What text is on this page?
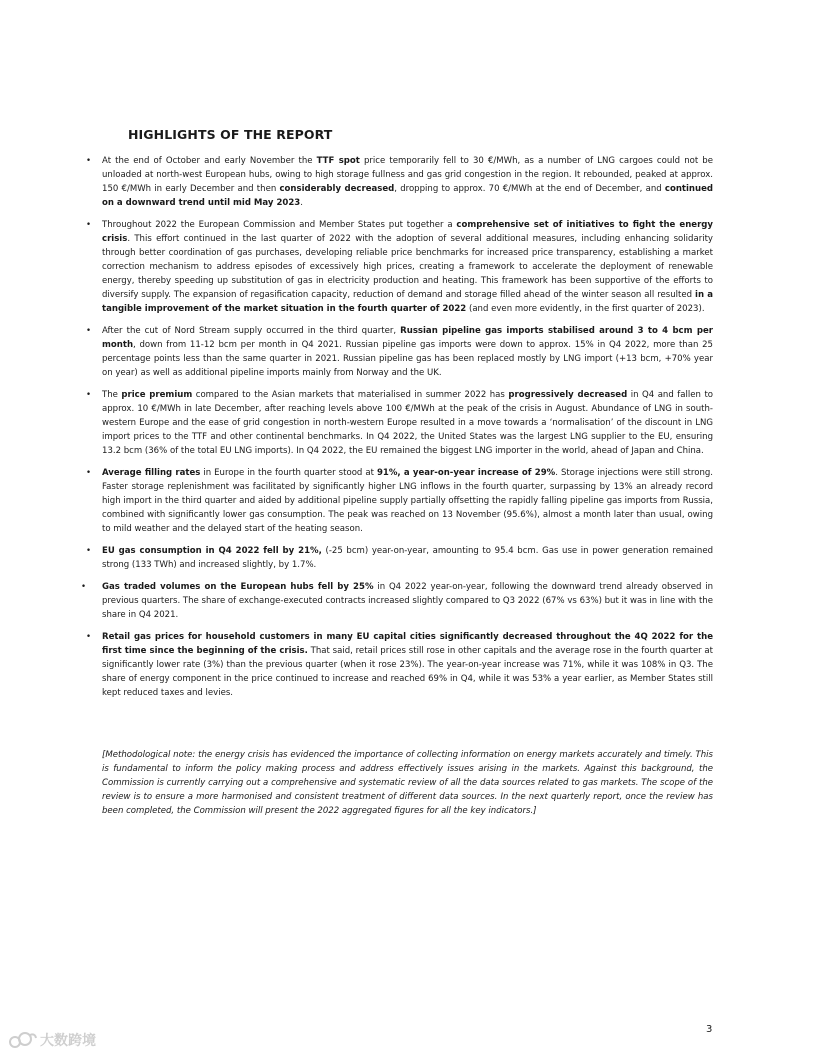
HIGHLIGHTS OF THE REPORT
• At the end of October and early November the TTF spot price temporarily fell to 30 €/MWh, as a number of LNG cargoes could not be unloaded at north-west European hubs, owing to high storage fullness and gas grid congestion in the region. It rebounded, peaked at approx. 150 €/MWh in early December and then considerably decreased, dropping to approx. 70 €/MWh at the end of December, and continued on a downward trend until mid May 2023.
• Throughout 2022 the European Commission and Member States put together a comprehensive set of initiatives to fight the energy crisis. This effort continued in the last quarter of 2022 with the adoption of several additional measures, including enhancing solidarity through better coordination of gas purchases, developing reliable price benchmarks for increased price transparency, establishing a market correction mechanism to address episodes of excessively high prices, creating a framework to accelerate the deployment of renewable energy, thereby speeding up substitution of gas in electricity production and heating. This framework has been supportive of the efforts to diversify supply. The expansion of regasification capacity, reduction of demand and storage filled ahead of the winter season all resulted in a tangible improvement of the market situation in the fourth quarter of 2022 (and even more evidently, in the first quarter of 2023).
• After the cut of Nord Stream supply occurred in the third quarter, Russian pipeline gas imports stabilised around 3 to 4 bcm per month, down from 11-12 bcm per month in Q4 2021. Russian pipeline gas imports were down to approx. 15% in Q4 2022, more than 25 percentage points less than the same quarter in 2021. Russian pipeline gas has been replaced mostly by LNG import (+13 bcm, +70% year on year) as well as additional pipeline imports mainly from Norway and the UK.
• The price premium compared to the Asian markets that materialised in summer 2022 has progressively decreased in Q4 and fallen to approx. 10 €/MWh in late December, after reaching levels above 100 €/MWh at the peak of the crisis in August. Abundance of LNG in south-western Europe and the ease of grid congestion in north-western Europe resulted in a move towards a ‘normalisation’ of the discount in LNG import prices to the TTF and other continental benchmarks. In Q4 2022, the United States was the largest LNG supplier to the EU, ensuring 13.2 bcm (36% of the total EU LNG imports). In Q4 2022, the EU remained the biggest LNG importer in the world, ahead of Japan and China.
• Average filling rates in Europe in the fourth quarter stood at 91%, a year-on-year increase of 29%. Storage injections were still strong. Faster storage replenishment was facilitated by significantly higher LNG inflows in the fourth quarter, surpassing by 13% an already record high import in the third quarter and aided by additional pipeline supply partially offsetting the rapidly falling pipeline gas imports from Russia, combined with significantly lower gas consumption. The peak was reached on 13 November (95.6%), almost a month later than usual, owing to mild weather and the delayed start of the heating season.
• EU gas consumption in Q4 2022 fell by 21%, (-25 bcm) year-on-year, amounting to 95.4 bcm. Gas use in power generation remained strong (133 TWh) and increased slightly, by 1.7%.
• Gas traded volumes on the European hubs fell by 25% in Q4 2022 year-on-year, following the downward trend already observed in previous quarters. The share of exchange-executed contracts increased slightly compared to Q3 2022 (67% vs 63%) but it was in line with the share in Q4 2021.
• Retail gas prices for household customers in many EU capital cities significantly decreased throughout the 4Q 2022 for the first time since the beginning of the crisis. That said, retail prices still rose in other capitals and the average rose in the fourth quarter at significantly lower rate (3%) than the previous quarter (when it rose 23%). The year-on-year increase was 71%, while it was 108% in Q3. The share of energy component in the price continued to increase and reached 69% in Q4, while it was 53% a year earlier, as Member States still kept reduced taxes and levies.

[Methodological note: the energy crisis has evidenced the importance of collecting information on energy markets accurately and timely. This is fundamental to inform the policy making process and address effectively issues arising in the markets. Against this background, the Commission is currently carrying out a comprehensive and systematic review of all the data sources related to gas markets. The scope of the review is to ensure a more harmonised and consistent treatment of different data sources. In the next quarterly report, once the review has been completed, the Commission will present the 2022 aggregated figures for all the key indicators.]

3
大数跨境
